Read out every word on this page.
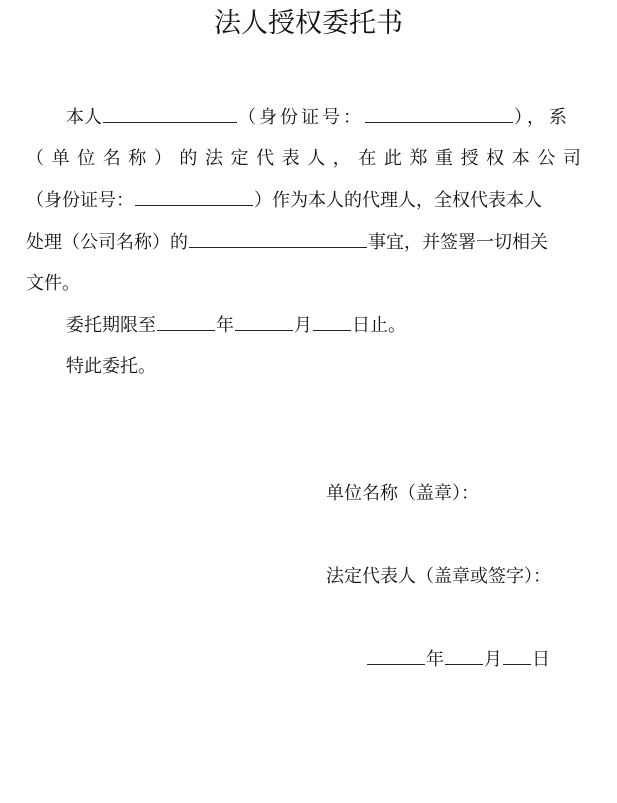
法人授权委托书
本人	（身份证号：	），系
（ 单 位 名 称 ） 的 法 定 代 表 人 ， 在 此 郑 重 授 权 本 公 司
（身份证号：	）作为本人的代理人，全权代表本人
处理（公司名称）的	事宜，并签署一切相关
文件。
委托期限至	年	月 日止。
特此委托。
单位名称（盖章）：
法定代表人（盖章或签字）：
年 月 日
